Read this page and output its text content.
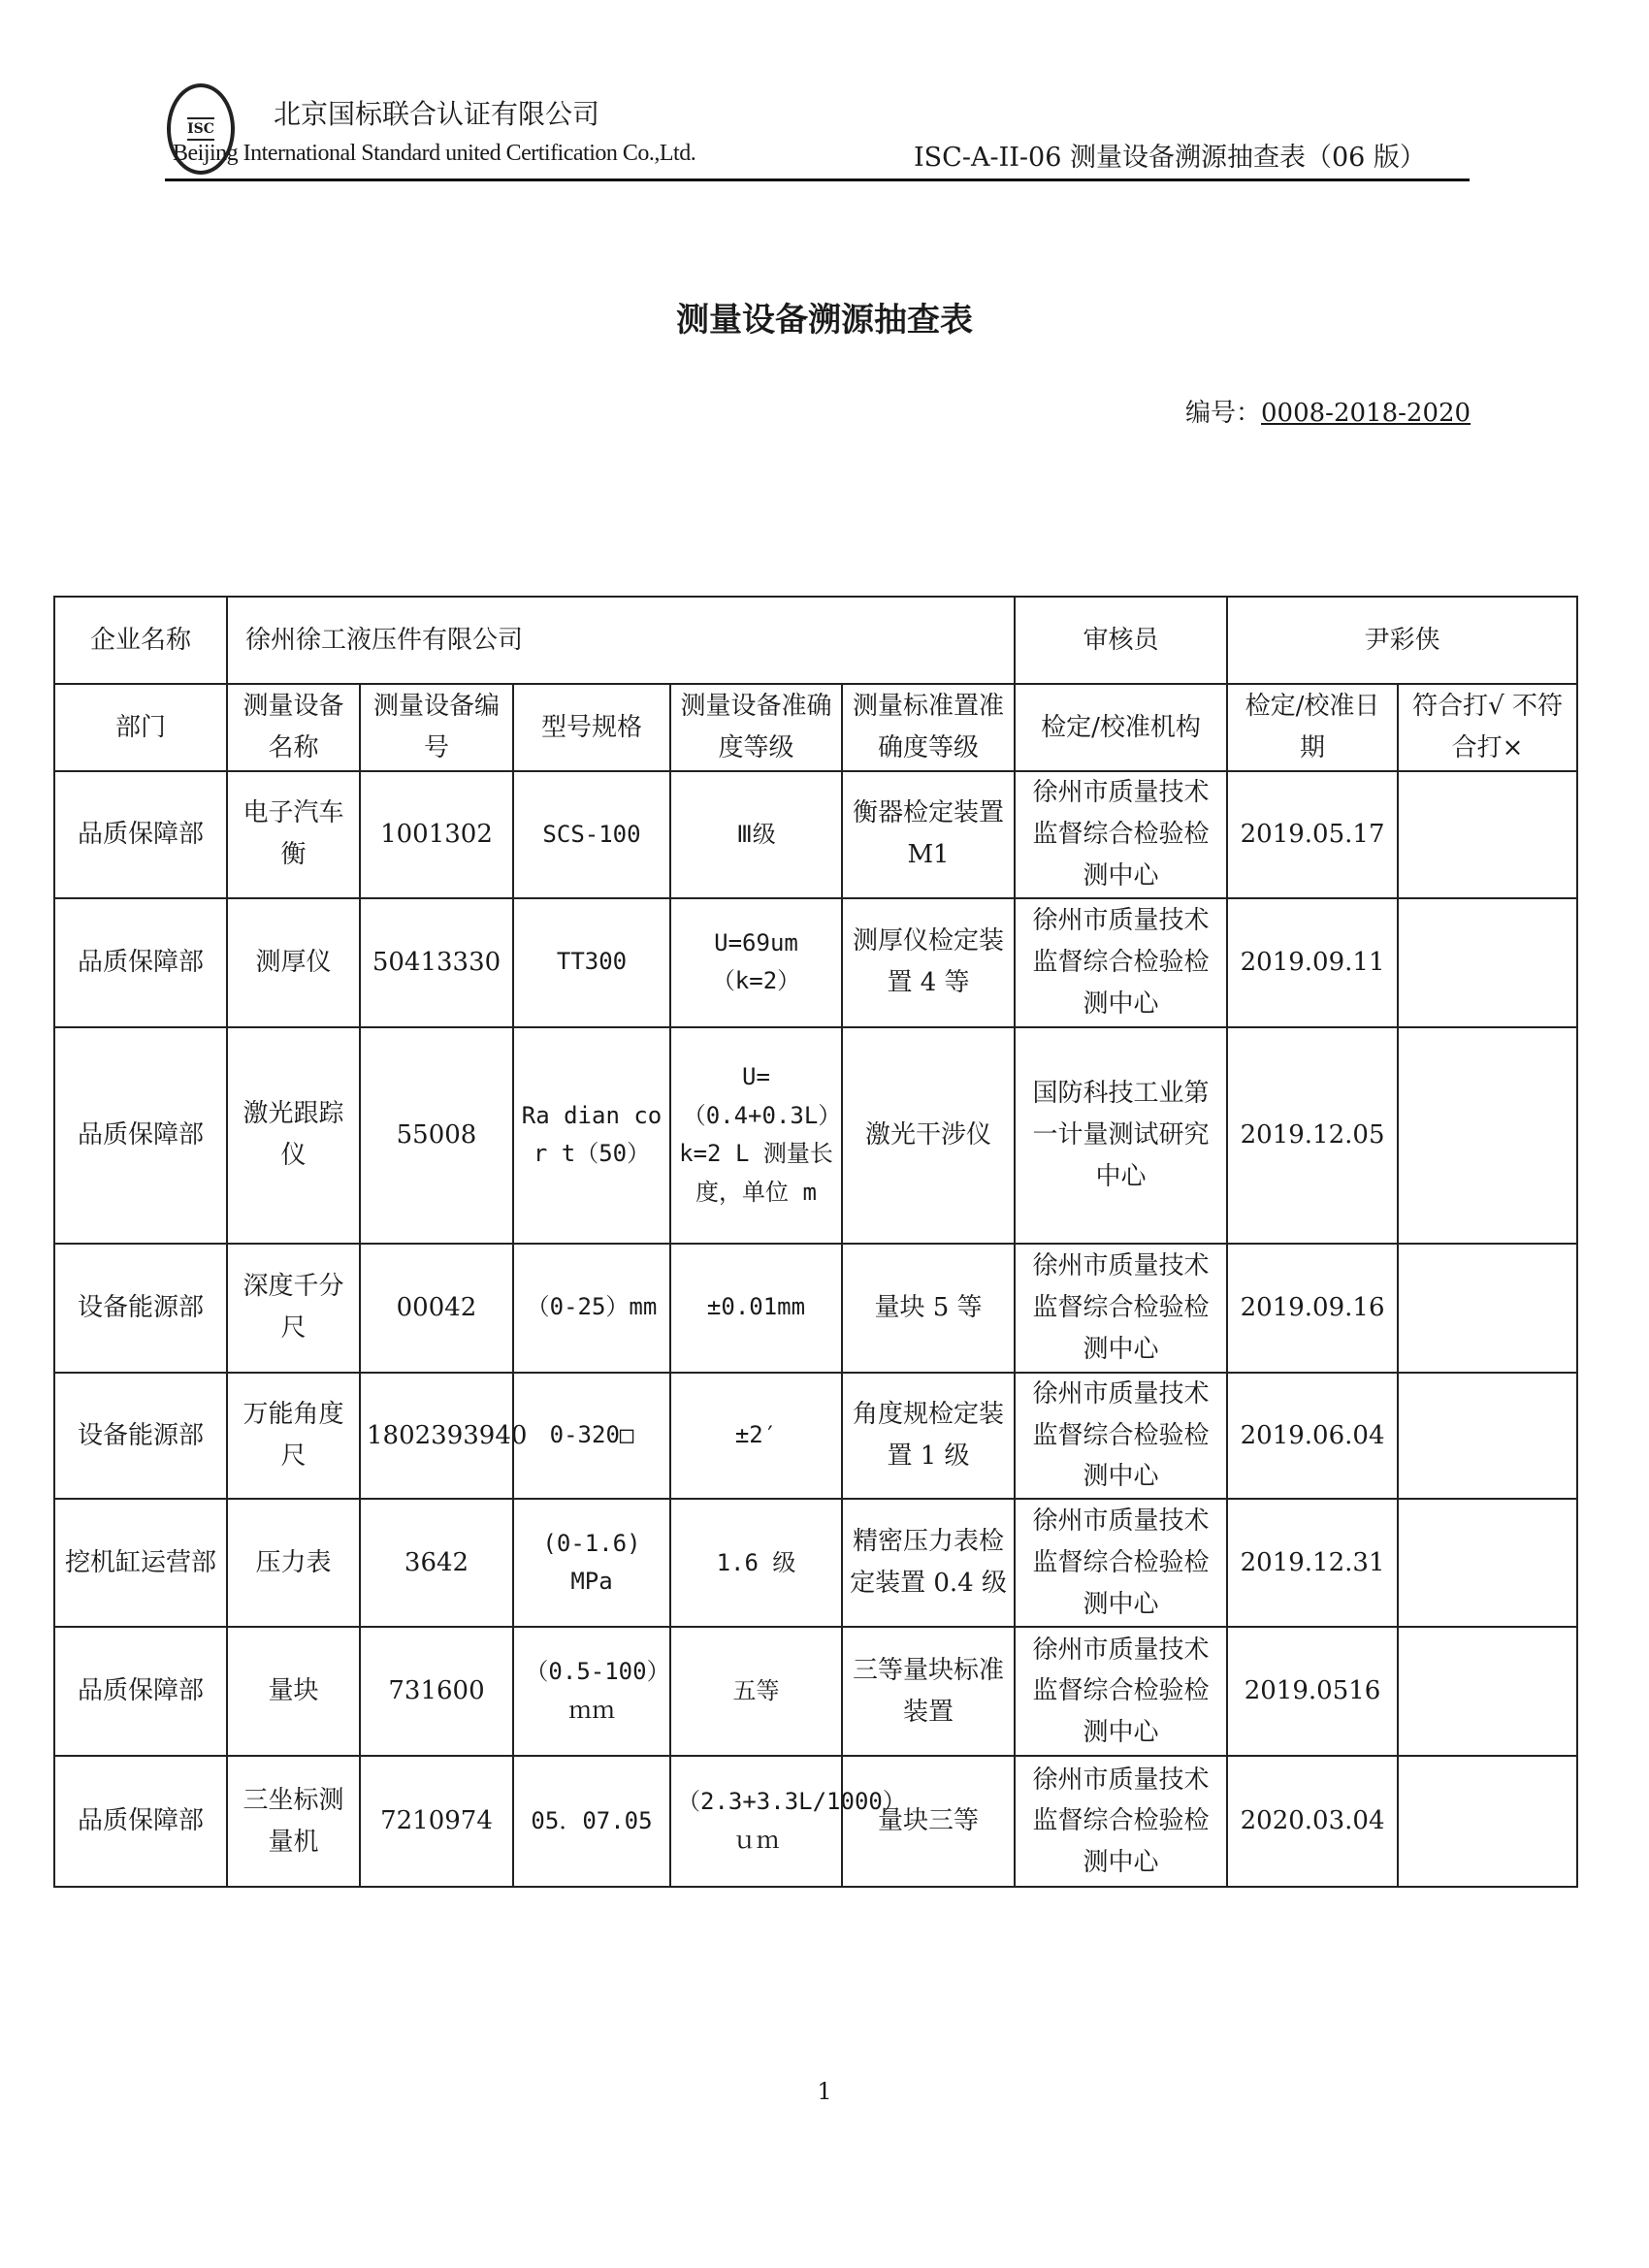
ISC 北京国标联合认证有限公司
Beijing International Standard united Certification Co.,Ltd.	ISC-A-II-06 测量设备溯源抽查表（06 版）
测量设备溯源抽查表
编号：0008-2018-2020
企业名称	徐州徐工液压件有限公司					审核员	尹彩侠	
部门	测量设备名称	测量设备编号	型号规格	测量设备准确度等级	测量标准置准确度等级	检定/校准机构	检定/校准日期	符合打√ 不符合打×
品质保障部	电子汽车衡	1001302	SCS-100	Ⅲ级	衡器检定装置 M1	徐州市质量技术监督综合检验检测中心	2019.05.17	
品质保障部	测厚仪	50413330	TT300	U=69um（k=2）	测厚仪检定装置 4 等	徐州市质量技术监督综合检验检测中心	2019.09.11	
品质保障部	激光跟踪仪	55008	Ra dian co r t（50）	U=（0.4+0.3L）k=2 L 测量长度，单位 m	激光干涉仪	国防科技工业第一计量测试研究中心	2019.12.05	
设备能源部	深度千分尺	00042	（0-25）mm	±0.01mm	量块 5 等	徐州市质量技术监督综合检验检测中心	2019.09.16	
设备能源部	万能角度尺	1802393940	0-320□	±2′	角度规检定装置 1 级	徐州市质量技术监督综合检验检测中心	2019.06.04	
挖机缸运营部	压力表	3642	(0-1.6) MPa	1.6 级	精密压力表检定装置 0.4 级	徐州市质量技术监督综合检验检测中心	2019.12.31	
品质保障部	量块	731600	（0.5-100）ｍｍ	五等	三等量块标准装置	徐州市质量技术监督综合检验检测中心	2019.0516	
品质保障部	三坐标测量机	7210974	05．07.05	（2.3+3.3L/1000）ｕｍ	量块三等	徐州市质量技术监督综合检验检测中心	2020.03.04	
1
